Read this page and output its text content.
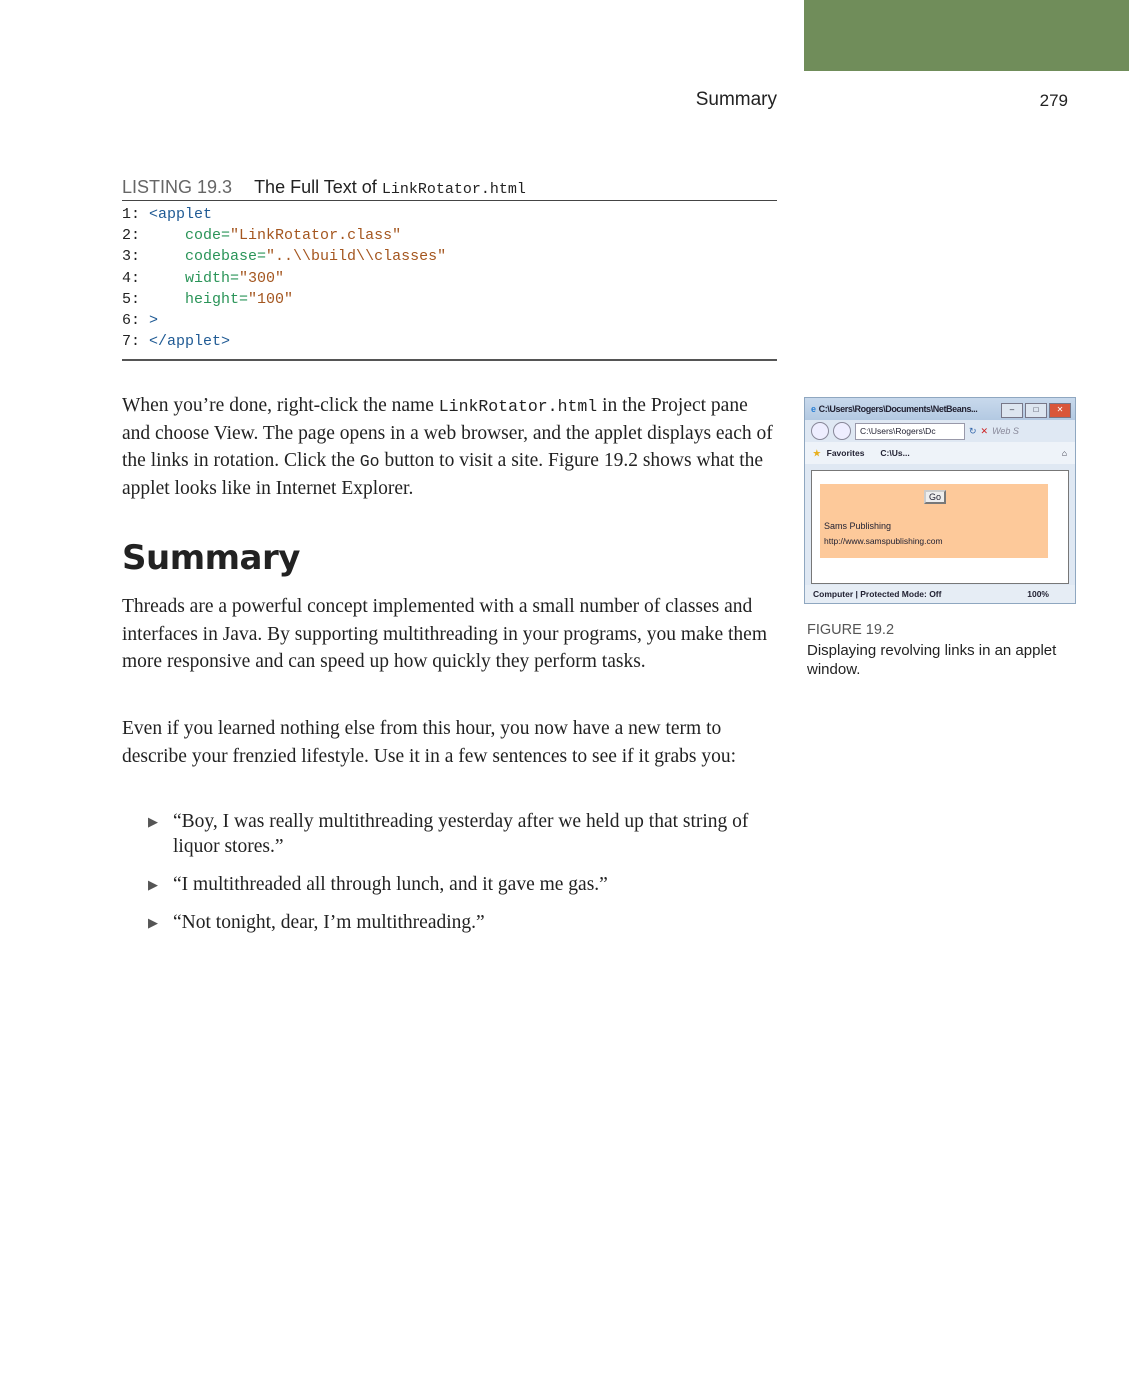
Summary	279
LISTING 19.3 The Full Text of LinkRotator.html
1: <applet
2:     code="LinkRotator.class"
3:     codebase="..\\build\\classes"
4:     width="300"
5:     height="100"
6: >
7: </applet>

When you’re done, right-click the name LinkRotator.html in the Project pane and choose View. The page opens in a web browser, and the applet displays each of the links in rotation. Click the Go button to visit a site. Figure 19.2 shows what the applet looks like in Internet Explorer.

Summary

Threads are a powerful concept implemented with a small number of classes and interfaces in Java. By supporting multithreading in your programs, you make them more responsive and can speed up how quickly they perform tasks.

Even if you learned nothing else from this hour, you now have a new term to describe your frenzied lifestyle. Use it in a few sentences to see if it grabs you:

▶ “Boy, I was really multithreading yesterday after we held up that string of liquor stores.”
▶ “I multithreaded all through lunch, and it gave me gas.”
▶ “Not tonight, dear, I’m multithreading.”
e C:\Users\Rogers\Documents\NetBeans...	–	□	✕
C:\Users\Rogers\Dc	↻ ✕ Web S
★ Favorites C:\Us...	⌂
Go
Sams Publishing
http://www.samspublishing.com
Computer | Protected Mode: Off	100%
FIGURE 19.2
Displaying revolving links in an applet window.
